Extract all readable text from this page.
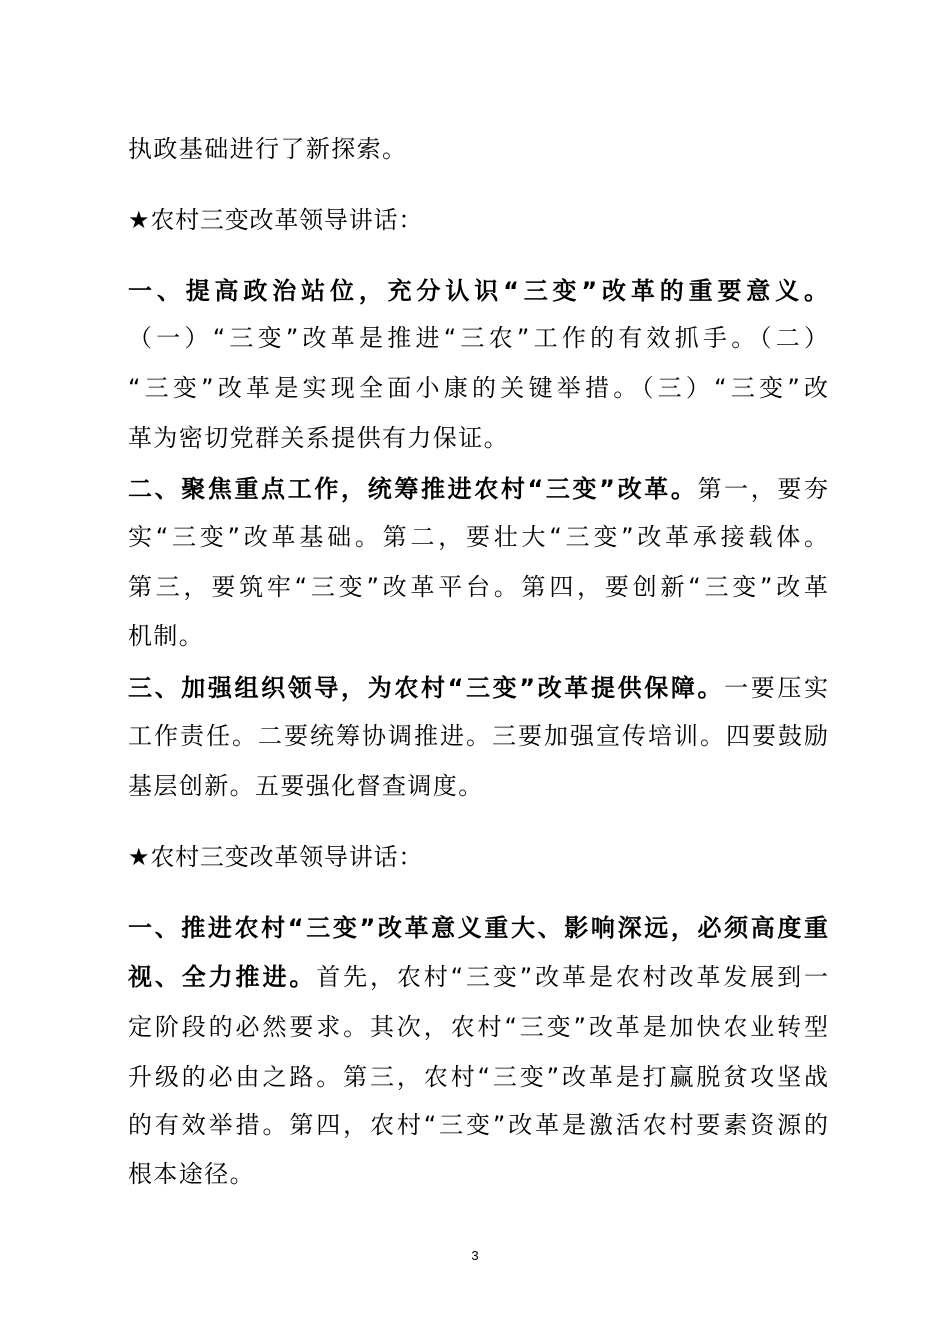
执政基础进行了新探索。
★农村三变改革领导讲话：
一、提高政治站位，充分认识“三变”改革的重要意义。
（一）“三变”改革是推进“三农”工作的有效抓手。（二）
“三变”改革是实现全面小康的关键举措。（三）“三变”改
革为密切党群关系提供有力保证。
二、聚焦重点工作，统筹推进农村“三变”改革。第一，要夯
实“三变”改革基础。第二，要壮大“三变”改革承接载体。
第三，要筑牢“三变”改革平台。第四，要创新“三变”改革
机制。
三、加强组织领导，为农村“三变”改革提供保障。一要压实
工作责任。二要统筹协调推进。三要加强宣传培训。四要鼓励
基层创新。五要强化督查调度。
★农村三变改革领导讲话：
一、推进农村“三变”改革意义重大、影响深远，必须高度重
视、全力推进。首先，农村“三变”改革是农村改革发展到一
定阶段的必然要求。其次，农村“三变”改革是加快农业转型
升级的必由之路。第三，农村“三变”改革是打赢脱贫攻坚战
的有效举措。第四，农村“三变”改革是激活农村要素资源的
根本途径。
3
